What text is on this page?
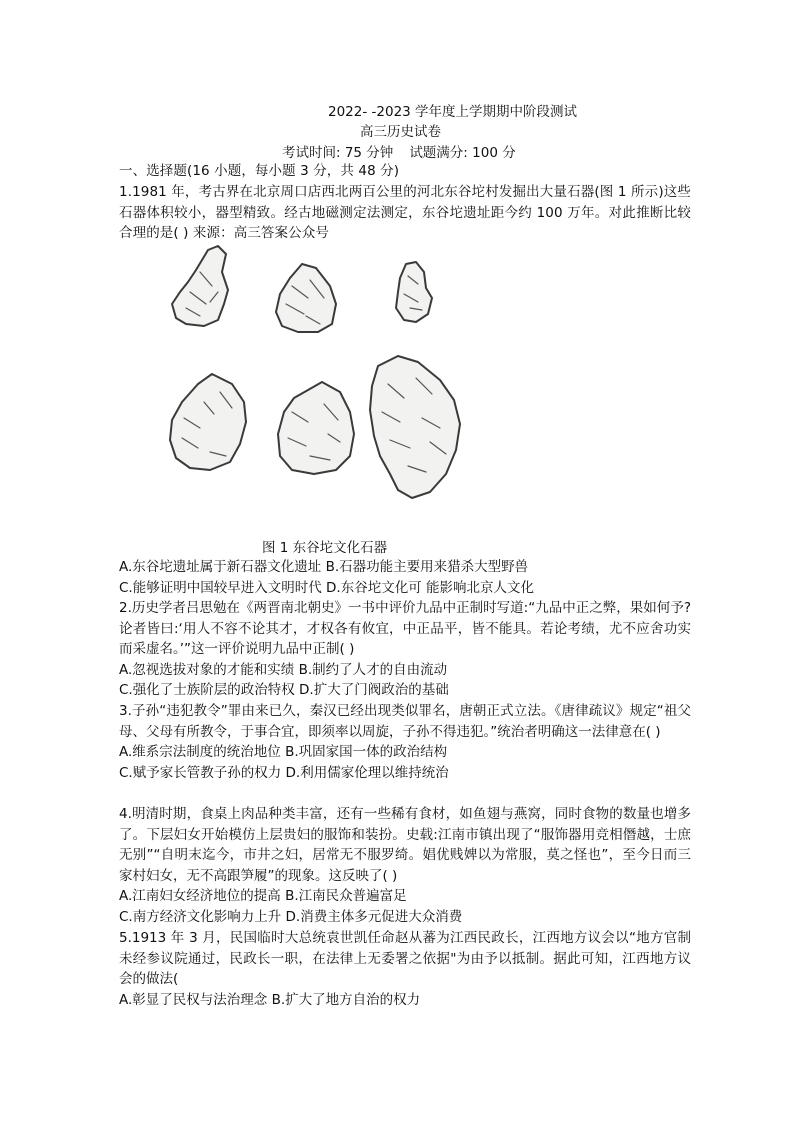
2022- -2023 学年度上学期期中阶段测试
高三历史试卷
考试时间: 75 分钟 试题满分: 100 分
一、选择题(16 小题，每小题 3 分，共 48 分)
1.1981 年，考古界在北京周口店西北两百公里的河北东谷坨村发掘出大量石器(图 1 所示)这些石器体积较小，器型精致。经古地磁测定法测定，东谷坨遗址距今约 100 万年。对此推断比较合理的是( ) 来源：高三答案公众号
图 1 东谷坨文化石器
A.东谷坨遗址属于新石器文化遗址 B.石器功能主要用来猎杀大型野兽
C.能够证明中国较早进入文明时代 D.东谷坨文化可 能影响北京人文化
2.历史学者吕思勉在《两晋南北朝史》一书中评价九品中正制时写道:“九品中正之弊，果如何予?论者皆曰:‘用人不容不论其才，才权各有攸宜，中正品平，皆不能具。若论考绩，尤不应舍功实而采虚名。’”这一评价说明九品中正制( )
A.忽视选拔对象的才能和实绩 B.制约了人才的自由流动
C.强化了士族阶层的政治特权 D.扩大了门阀政治的基础
3.子孙“违犯教令”罪由来已久，秦汉已经出现类似罪名，唐朝正式立法。《唐律疏议》规定“祖父母、父母有所教令，于事合宜，即须率以周旋，子孙不得违犯。”统治者明确这一法律意在( )
A.维系宗法制度的统治地位 B.巩固家国一体的政治结构
C.赋予家长管教子孙的权力 D.利用儒家伦理以维持统治
4.明清时期，食桌上肉品种类丰富，还有一些稀有食材，如鱼翅与燕窝，同时食物的数量也增多了。下层妇女开始模仿上层贵妇的服饰和装扮。史载:江南市镇出现了“服饰器用竞相僭越，士庶无别”“自明末迄今，市井之妇，居常无不服罗绮。娼优贱婢以为常服，莫之怪也”，至今日而三家村妇女，无不高跟笋履”的现象。这反映了( )
A.江南妇女经济地位的提高 B.江南民众普遍富足
C.南方经济文化影响力上升 D.消费主体多元促进大众消费
5.1913 年 3 月，民国临时大总统袁世凯任命赵从蕃为江西民政长，江西地方议会以“地方官制未经参议院通过，民政长一职，在法律上无委署之依据"为由予以抵制。据此可知，江西地方议会的做法(
A.彰显了民权与法治理念 B.扩大了地方自治的权力
